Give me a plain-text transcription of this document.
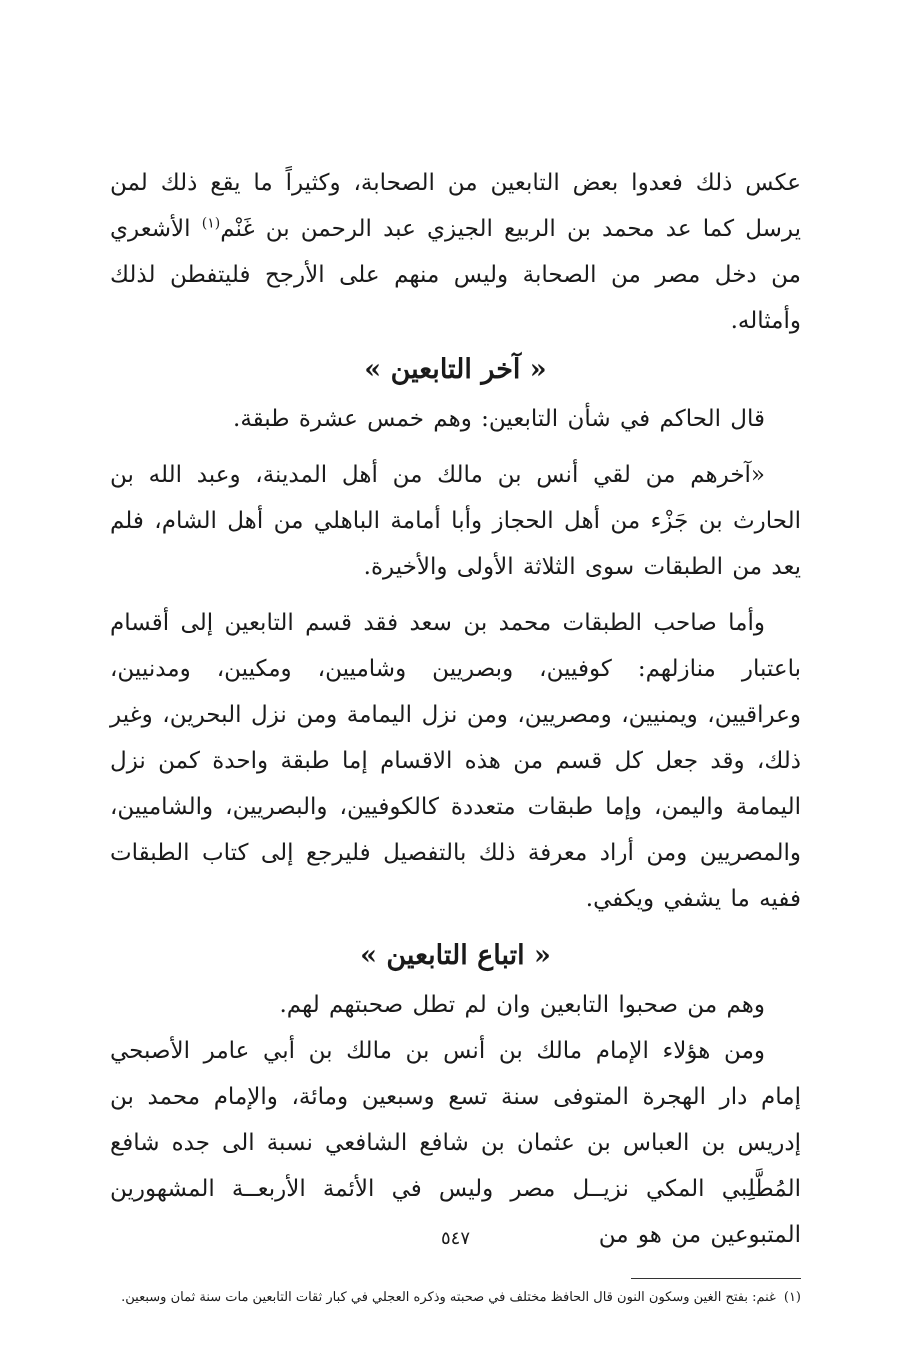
عكس ذلك فعدوا بعض التابعين من الصحابة، وكثيراً ما يقع ذلك لمن يرسل كما عد محمد بن الربيع الجيزي عبد الرحمن بن غَنْم$^{(١)}$ الأشعري من دخل مصر من الصحابة وليس منهم على الأرجح فليتفطن لذلك وأمثاله.

« آخر التابعين »

قال الحاكم في شأن التابعين: وهم خمس عشرة طبقة.

«آخرهم من لقي أنس بن مالك من أهل المدينة، وعبد الله بن الحارث بن جَزْء من أهل الحجاز وأبا أمامة الباهلي من أهل الشام، فلم يعد من الطبقات سوى الثلاثة الأولى والأخيرة.

وأما صاحب الطبقات محمد بن سعد فقد قسم التابعين إلى أقسام باعتبار منازلهم: كوفيين، وبصريين وشاميين، ومكيين، ومدنيين، وعراقيين، ويمنيين، ومصريين، ومن نزل اليمامة ومن نزل البحرين، وغير ذلك، وقد جعل كل قسم من هذه الاقسام إما طبقة واحدة كمن نزل اليمامة واليمن، وإما طبقات متعددة كالكوفيين، والبصريين، والشاميين، والمصريين ومن أراد معرفة ذلك بالتفصيل فليرجع إلى كتاب الطبقات ففيه ما يشفي ويكفي.

« اتباع التابعين »

وهم من صحبوا التابعين وان لم تطل صحبتهم لهم.

ومن هؤلاء الإمام مالك بن أنس بن مالك بن أبي عامر الأصبحي إمام دار الهجرة المتوفى سنة تسع وسبعين ومائة، والإمام محمد بن إدريس بن العباس بن عثمان بن شافع الشافعي نسبة الى جده شافع المُطَّلِبي المكي نزيــل مصر وليس في الأئمة الأربعــة المشهورين المتبوعين من هو من

(١)غنم: بفتح الغين وسكون النون قال الحافظ مختلف في صحبته وذكره العجلي في كبار ثقات التابعين مات سنة ثمان وسبعين.

٥٤٧
